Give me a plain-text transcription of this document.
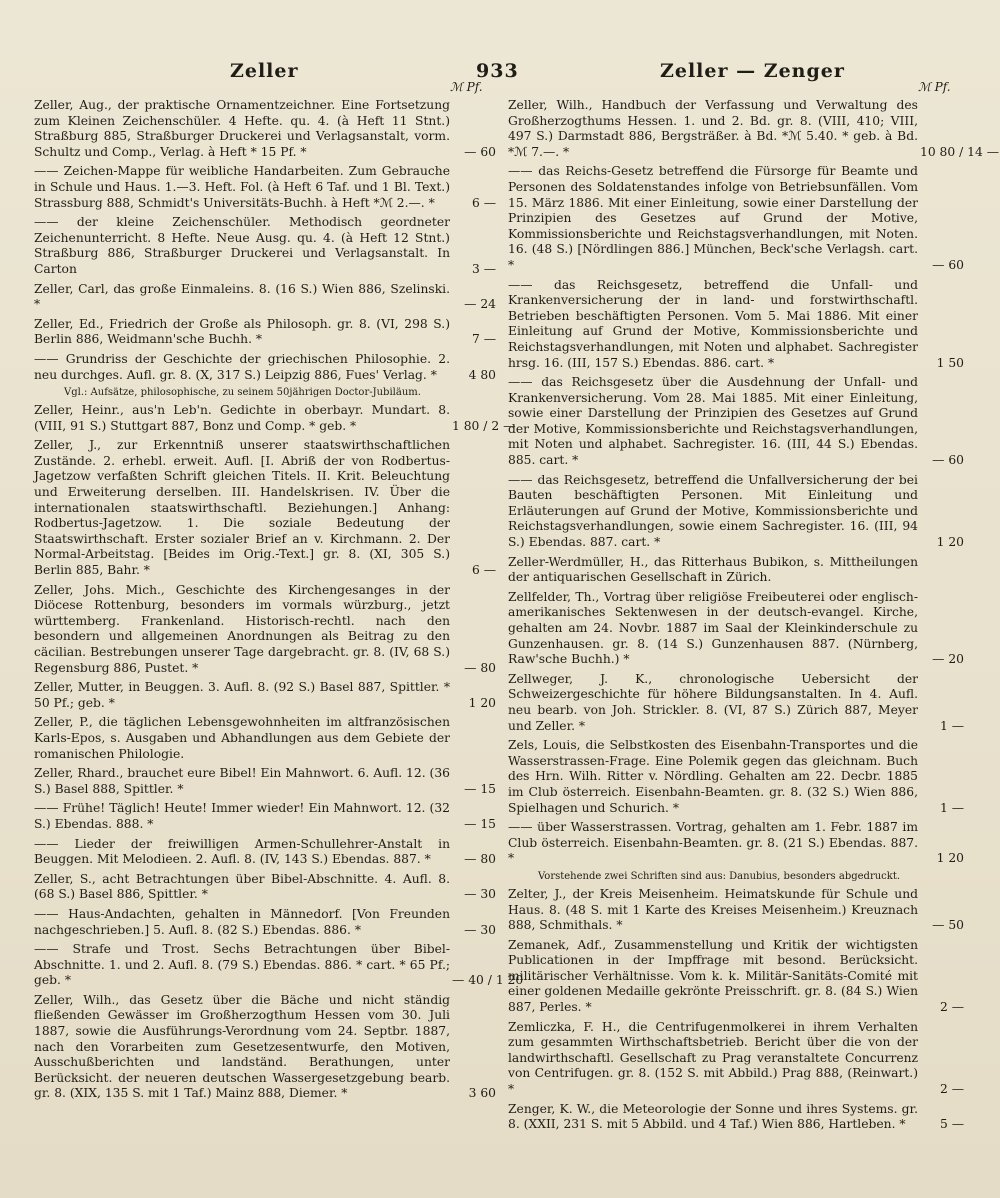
Zeller	933	Zeller — Zenger
ℳ Pf.	ℳ Pf.
Zeller, Aug., der praktische Ornamentzeichner. Eine Fortsetzung zum Kleinen Zeichenschüler. 4 Hefte. qu. 4. (à Heft 11 Stnt.) Straßburg 885, Straßburger Druckerei und Verlagsanstalt, vorm. Schultz und Comp., Verlag. à Heft * 15 Pf. *	— 60
—— Zeichen-Mappe für weibliche Handarbeiten. Zum Gebrauche in Schule und Haus. 1.—3. Heft. Fol. (à Heft 6 Taf. und 1 Bl. Text.) Strassburg 888, Schmidt's Universitäts-Buchh. à Heft *ℳ 2.—. *	6 —
—— der kleine Zeichenschüler. Methodisch geordneter Zeichenunterricht. 8 Hefte. Neue Ausg. qu. 4. (à Heft 12 Stnt.) Straßburg 886, Straßburger Druckerei und Verlagsanstalt. In Carton	3 —
Zeller, Carl, das große Einmaleins. 8. (16 S.) Wien 886, Szelinski. *	— 24
Zeller, Ed., Friedrich der Große als Philosoph. gr. 8. (VI, 298 S.) Berlin 886, Weidmann'sche Buchh. *	7 —
—— Grundriss der Geschichte der griechischen Philosophie. 2. neu durchges. Aufl. gr. 8. (X, 317 S.) Leipzig 886, Fues' Verlag. *	4 80
Vgl.: Aufsätze, philosophische, zu seinem 50jährigen Doctor-Jubiläum.
Zeller, Heinr., aus'n Leb'n. Gedichte in oberbayr. Mundart. 8. (VIII, 91 S.) Stuttgart 887, Bonz und Comp. * geb. *	1 80 / 2 —
Zeller, J., zur Erkenntniß unserer staatswirthschaftlichen Zustände. 2. erhebl. erweit. Aufl. [I. Abriß der von Rodbertus-Jagetzow verfaßten Schrift gleichen Titels. II. Krit. Beleuchtung und Erweiterung derselben. III. Handelskrisen. IV. Über die internationalen staatswirthschaftl. Beziehungen.] Anhang: Rodbertus-Jagetzow. 1. Die soziale Bedeutung der Staatswirthschaft. Erster sozialer Brief an v. Kirchmann. 2. Der Normal-Arbeitstag. [Beides im Orig.-Text.] gr. 8. (XI, 305 S.) Berlin 885, Bahr. *	6 —
Zeller, Johs. Mich., Geschichte des Kirchengesanges in der Diöcese Rottenburg, besonders im vormals würzburg., jetzt württemberg. Frankenland. Historisch-rechtl. nach den besondern und allgemeinen Anordnungen als Beitrag zu den cäcilian. Bestrebungen unserer Tage dargebracht. gr. 8. (IV, 68 S.) Regensburg 886, Pustet. *	— 80
Zeller, Mutter, in Beuggen. 3. Aufl. 8. (92 S.) Basel 887, Spittler. * 50 Pf.; geb. *	1 20
Zeller, P., die täglichen Lebensgewohnheiten im altfranzösischen Karls-Epos, s. Ausgaben und Abhandlungen aus dem Gebiete der romanischen Philologie.
Zeller, Rhard., brauchet eure Bibel! Ein Mahnwort. 6. Aufl. 12. (36 S.) Basel 888, Spittler. *	— 15
—— Frühe! Täglich! Heute! Immer wieder! Ein Mahnwort. 12. (32 S.) Ebendas. 888. *	— 15
—— Lieder der freiwilligen Armen-Schullehrer-Anstalt in Beuggen. Mit Melodieen. 2. Aufl. 8. (IV, 143 S.) Ebendas. 887. *	— 80
Zeller, S., acht Betrachtungen über Bibel-Abschnitte. 4. Aufl. 8. (68 S.) Basel 886, Spittler. *	— 30
—— Haus-Andachten, gehalten in Männedorf. [Von Freunden nachgeschrieben.] 5. Aufl. 8. (82 S.) Ebendas. 886. *	— 30
—— Strafe und Trost. Sechs Betrachtungen über Bibel-Abschnitte. 1. und 2. Aufl. 8. (79 S.) Ebendas. 886. * cart. * 65 Pf.; geb. *	— 40 / 1 20
Zeller, Wilh., das Gesetz über die Bäche und nicht ständig fließenden Gewässer im Großherzogthum Hessen vom 30. Juli 1887, sowie die Ausführungs-Verordnung vom 24. Septbr. 1887, nach den Vorarbeiten zum Gesetzesentwurfe, den Motiven, Ausschußberichten und landständ. Berathungen, unter Berücksicht. der neueren deutschen Wassergesetzgebung bearb. gr. 8. (XIX, 135 S. mit 1 Taf.) Mainz 888, Diemer. *	3 60
Zeller, Wilh., Handbuch der Verfassung und Verwaltung des Großherzogthums Hessen. 1. und 2. Bd. gr. 8. (VIII, 410; VIII, 497 S.) Darmstadt 886, Bergsträßer. à Bd. *ℳ 5.40. * geb. à Bd. *ℳ 7.—. *	10 80 / 14 —
—— das Reichs-Gesetz betreffend die Fürsorge für Beamte und Personen des Soldatenstandes infolge von Betriebsunfällen. Vom 15. März 1886. Mit einer Einleitung, sowie einer Darstellung der Prinzipien des Gesetzes auf Grund der Motive, Kommissionsberichte und Reichstagsverhandlungen, mit Noten. 16. (48 S.) [Nördlingen 886.] München, Beck'sche Verlagsh. cart. *	— 60
—— das Reichsgesetz, betreffend die Unfall- und Krankenversicherung der in land- und forstwirthschaftl. Betrieben beschäftigten Personen. Vom 5. Mai 1886. Mit einer Einleitung auf Grund der Motive, Kommissionsberichte und Reichstagsverhandlungen, mit Noten und alphabet. Sachregister hrsg. 16. (III, 157 S.) Ebendas. 886. cart. *	1 50
—— das Reichsgesetz über die Ausdehnung der Unfall- und Krankenversicherung. Vom 28. Mai 1885. Mit einer Einleitung, sowie einer Darstellung der Prinzipien des Gesetzes auf Grund der Motive, Kommissionsberichte und Reichstagsverhandlungen, mit Noten und alphabet. Sachregister. 16. (III, 44 S.) Ebendas. 885. cart. *	— 60
—— das Reichsgesetz, betreffend die Unfallversicherung der bei Bauten beschäftigten Personen. Mit Einleitung und Erläuterungen auf Grund der Motive, Kommissionsberichte und Reichstagsverhandlungen, sowie einem Sachregister. 16. (III, 94 S.) Ebendas. 887. cart. *	1 20
Zeller-Werdmüller, H., das Ritterhaus Bubikon, s. Mittheilungen der antiquarischen Gesellschaft in Zürich.
Zellfelder, Th., Vortrag über religiöse Freibeuterei oder englisch-amerikanisches Sektenwesen in der deutsch-evangel. Kirche, gehalten am 24. Novbr. 1887 im Saal der Kleinkinderschule zu Gunzenhausen. gr. 8. (14 S.) Gunzenhausen 887. (Nürnberg, Raw'sche Buchh.) *	— 20
Zellweger, J. K., chronologische Uebersicht der Schweizergeschichte für höhere Bildungsanstalten. In 4. Aufl. neu bearb. von Joh. Strickler. 8. (VI, 87 S.) Zürich 887, Meyer und Zeller. *	1 —
Zels, Louis, die Selbstkosten des Eisenbahn-Transportes und die Wasserstrassen-Frage. Eine Polemik gegen das gleichnam. Buch des Hrn. Wilh. Ritter v. Nördling. Gehalten am 22. Decbr. 1885 im Club österreich. Eisenbahn-Beamten. gr. 8. (32 S.) Wien 886, Spielhagen und Schurich. *	1 —
—— über Wasserstrassen. Vortrag, gehalten am 1. Febr. 1887 im Club österreich. Eisenbahn-Beamten. gr. 8. (21 S.) Ebendas. 887. *	1 20
Vorstehende zwei Schriften sind aus: Danubius, besonders abgedruckt.
Zelter, J., der Kreis Meisenheim. Heimatskunde für Schule und Haus. 8. (48 S. mit 1 Karte des Kreises Meisenheim.) Kreuznach 888, Schmithals. *	— 50
Zemanek, Adf., Zusammenstellung und Kritik der wichtigsten Publicationen in der Impffrage mit besond. Berücksicht. militärischer Verhältnisse. Vom k. k. Militär-Sanitäts-Comité mit einer goldenen Medaille gekrönte Preisschrift. gr. 8. (84 S.) Wien 887, Perles. *	2 —
Zemliczka, F. H., die Centrifugenmolkerei in ihrem Verhalten zum gesammten Wirthschaftsbetrieb. Bericht über die von der landwirthschaftl. Gesellschaft zu Prag veranstaltete Concurrenz von Centrifugen. gr. 8. (152 S. mit Abbild.) Prag 888, (Reinwart.) *	2 —
Zenger, K. W., die Meteorologie der Sonne und ihres Systems. gr. 8. (XXII, 231 S. mit 5 Abbild. und 4 Taf.) Wien 886, Hartleben. *	5 —
